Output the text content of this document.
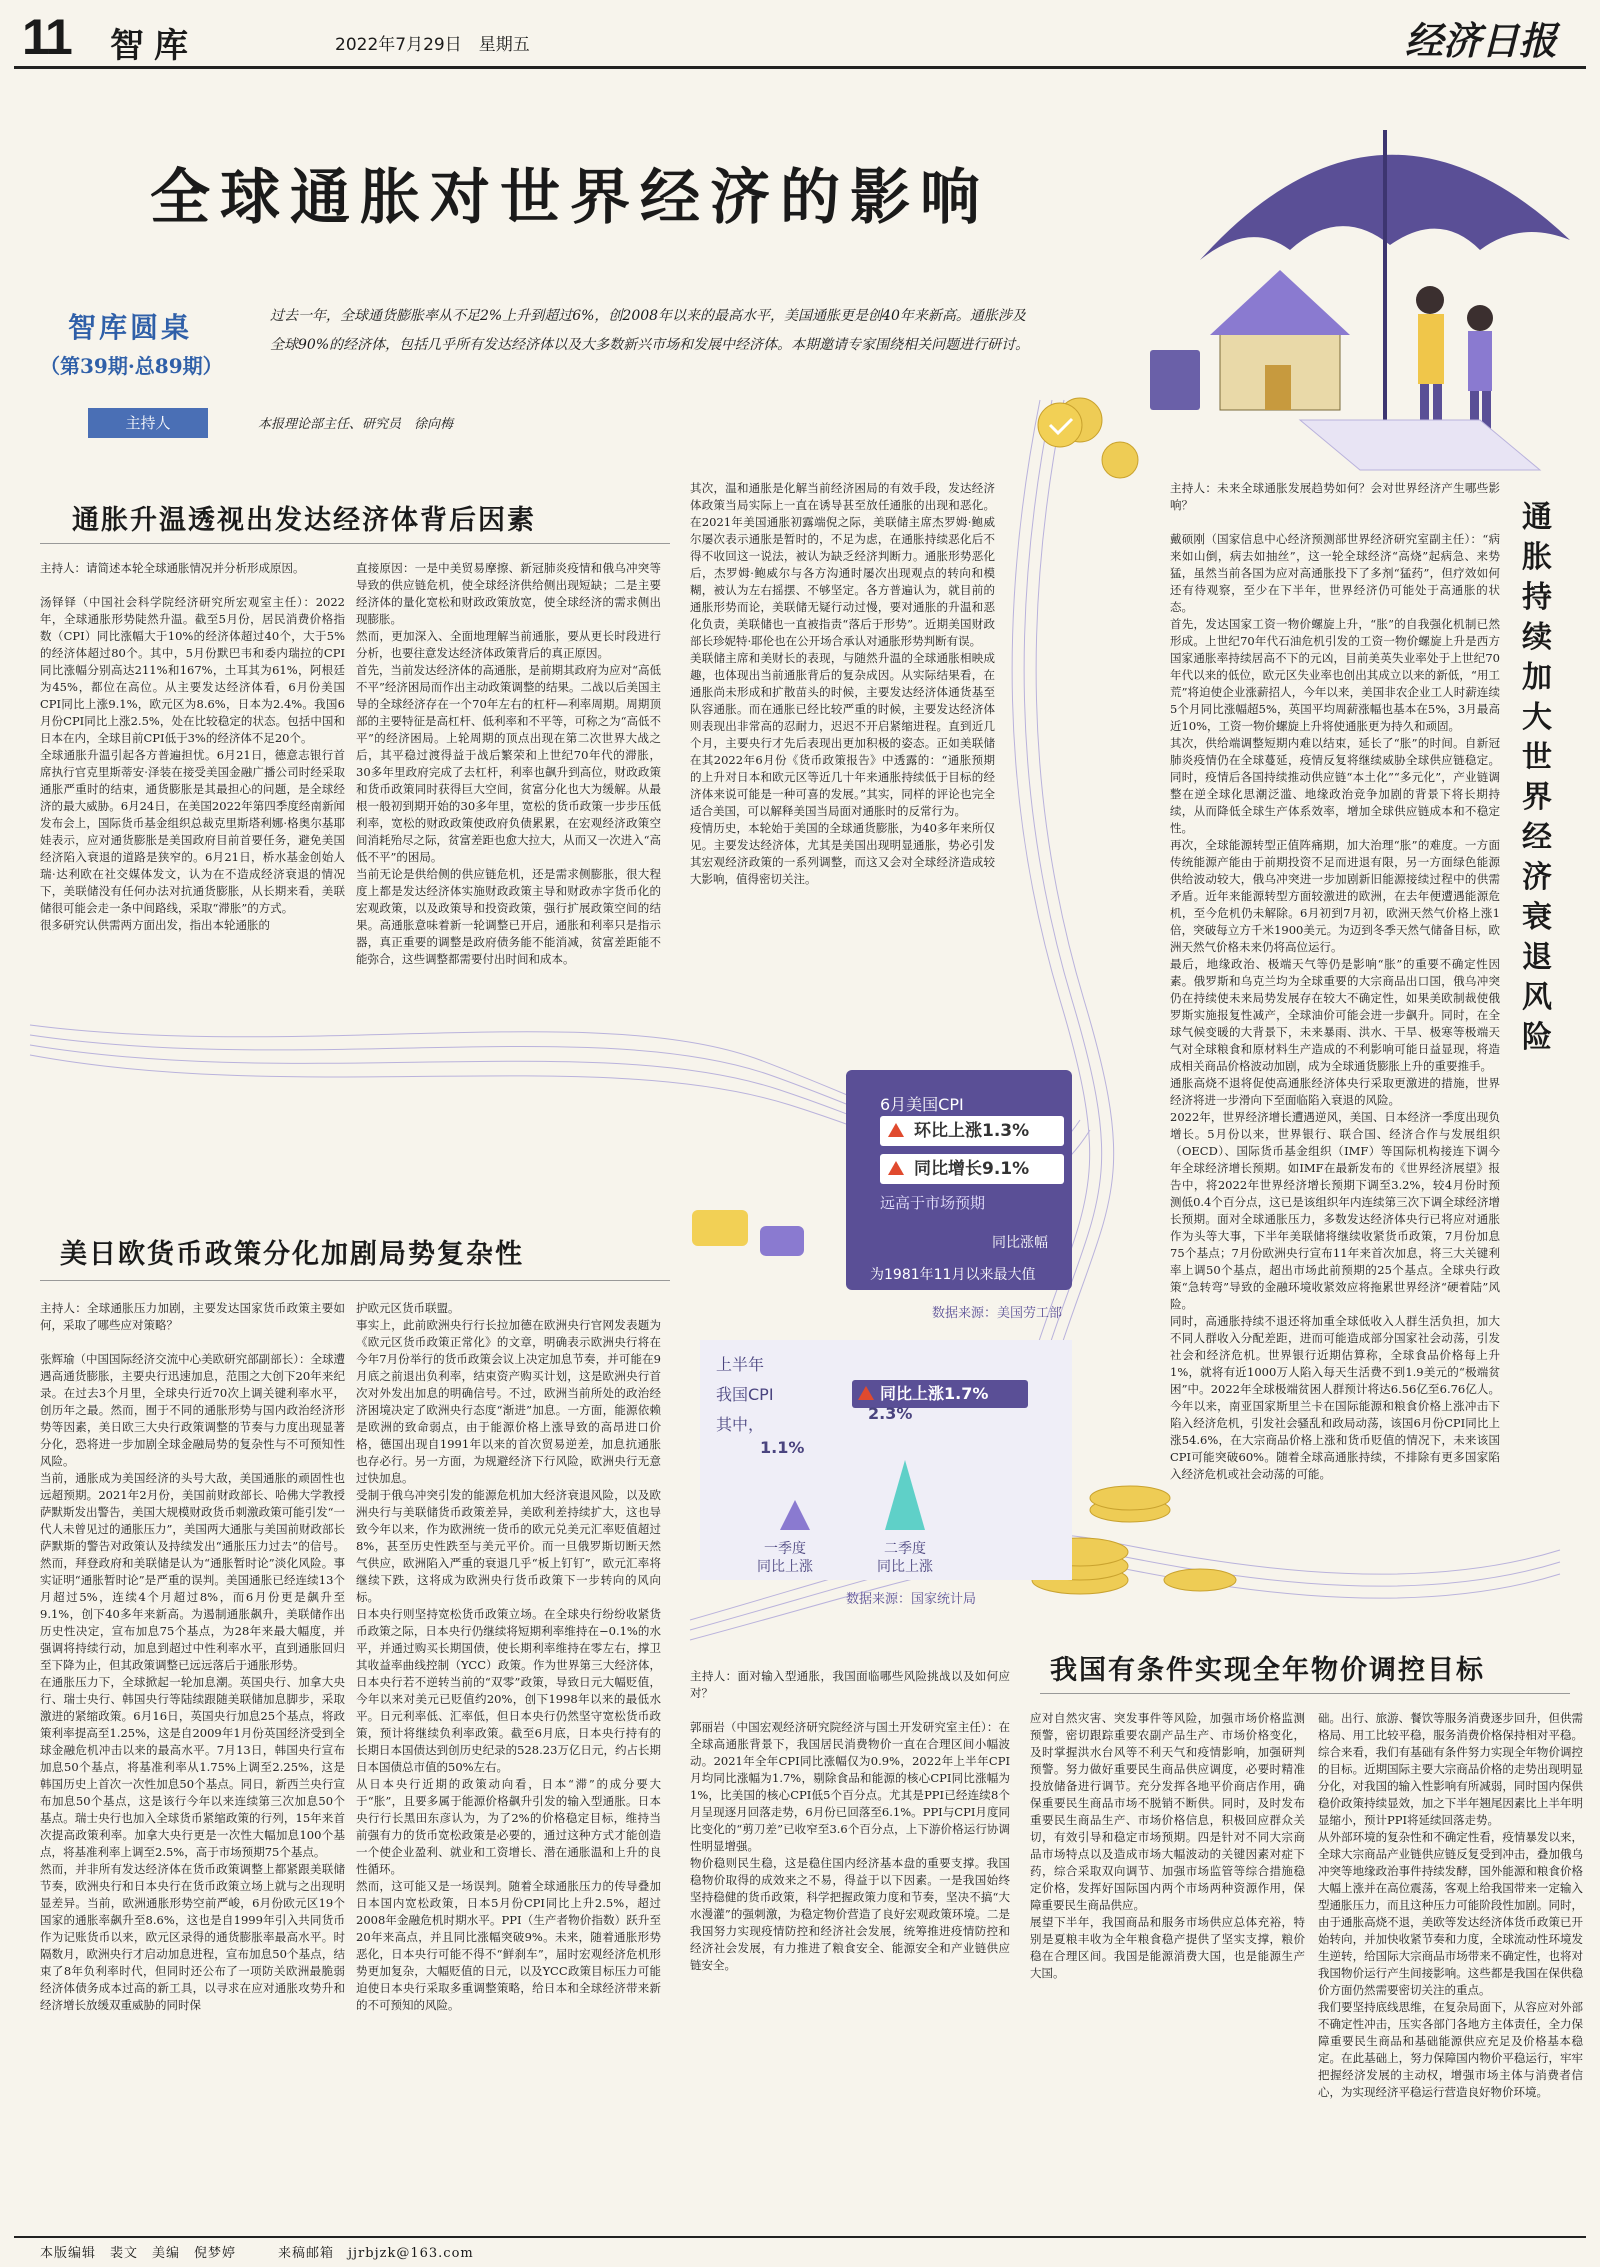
11 智库	2022年7月29日　星期五	经济日报
全球通胀对世界经济的影响
智库圆桌
（第39期·总89期）
过去一年，全球通货膨胀率从不足2%上升到超过6%，创2008年以来的最高水平，美国通胀更是创40年来新高。通胀涉及全球90%的经济体，包括几乎所有发达经济体以及大多数新兴市场和发展中经济体。本期邀请专家围绕相关问题进行研讨。
主持人	本报理论部主任、研究员　徐向梅
通胀升温透视出发达经济体背后因素
主持人：请简述本轮全球通胀情况并分析形成原因。

汤铎铎（中国社会科学院经济研究所宏观室主任）：2022年，全球通胀形势陡然升温。截至5月份，居民消费价格指数（CPI）同比涨幅大于10%的经济体超过40个，大于5%的经济体超过80个。其中，5月份默巴韦和委内瑞拉的CPI同比涨幅分别高达211%和167%，土耳其为61%，阿根廷为45%，都位在高位。从主要发达经济体看，6月份美国CPI同比上涨9.1%，欧元区为8.6%，日本为2.4%。我国6月份CPI同比上涨2.5%，处在比较稳定的状态。包括中国和日本在内，全球目前CPI低于3%的经济体不足20个。
全球通胀升温引起各方普遍担忧。6月21日，德意志银行首席执行官克里斯蒂安·泽装在接受美国金融广播公司时经采取通胀严重时的结束，通货膨胀是其最担心的问题，是全球经济的最大威胁。6月24日，在美国2022年第四季度经南新闻发布会上，国际货币基金组织总裁克里斯塔利娜·格奥尔基耶娃表示，应对通货膨胀是美国政府目前首要任务，避免美国经济陷入衰退的道路是狭窄的。6月21日，桥水基金创始人瑞·达利欧在社交媒体发文，认为在不造成经济衰退的情况下，美联储没有任何办法对抗通货膨胀，从长期来看，美联储很可能会走一条中间路线，采取“滞胀”的方式。
很多研究认供需两方面出发，指出本轮通胀的
直接原因：一是中美贸易摩擦、新冠肺炎疫情和俄乌冲突等导致的供应链危机，使全球经济供给侧出现短缺；二是主要经济体的量化宽松和财政政策放宽，使全球经济的需求侧出现膨胀。
然而，更加深入、全面地理解当前通胀，要从更长时段进行分析，也要往意发达经济体政策背后的真正原因。
首先，当前发达经济体的高通胀，是前期其政府为应对“高低不平”经济困局而作出主动政策调整的结果。二战以后美国主导的全球经济存在一个70年左右的杠杆—利率周期。周期顶部的主要特征是高杠杆、低利率和不平等，可称之为“高低不平”的经济困局。上轮周期的顶点出现在第二次世界大战之后，其平稳过渡得益于战后繁荣和上世纪70年代的滞胀，30多年里政府完成了去杠杆，利率也飙升到高位，财政政策和货币政策同时获得巨大空间，贫富分化也大为缓解。从最根一般初到期开始的30多年里，宽松的货币政策一步步压低利率，宽松的财政政策使政府负债累累，在宏观经济政策空间消耗殆尽之际，贫富差距也愈大拉大，从而又一次进入“高低不平”的困局。
当前无论是供给侧的供应链危机，还是需求侧膨胀，很大程度上都是发达经济体实施财政政策主导和财政赤字货币化的宏观政策，以及政策导和投资政策，强行扩展政策空间的结果。高通胀意味着新一轮调整已开启，通胀和利率只是指示器，真正重要的调整是政府债务能不能消减，贫富差距能不能弥合，这些调整都需要付出时间和成本。
其次，温和通胀是化解当前经济困局的有效手段，发达经济体政策当局实际上一直在诱导甚至放任通胀的出现和恶化。在2021年美国通胀初露端倪之际，美联储主席杰罗姆·鲍威尔屡次表示通胀是暂时的，不足为虑，在通胀持续恶化后不得不收回这一说法，被认为缺乏经济判断力。通胀形势恶化后，杰罗姆·鲍威尔与各方沟通时屡次出现观点的转向和模糊，被认为左右摇摆、不够坚定。各方普遍认为，就目前的通胀形势而论，美联储无疑行动过慢，要对通胀的升温和恶化负责，美联储也一直被指责“落后于形势”。近期美国财政部长珍妮特·耶伦也在公开场合承认对通胀形势判断有误。
美联储主席和美财长的表现，与随然升温的全球通胀相映成趣，也体现出当前通胀背后的复杂成因。从实际结果看，在通胀尚未形成和扩散苗头的时候，主要发达经济体通货基至队容通胀。而在通胀已经比较严重的时候，主要发达经济体则表现出非常高的忍耐力，迟迟不开启紧缩进程。直到近几个月，主要央行才先后表现出更加积极的姿态。正如美联储在其2022年6月份《货币政策报告》中透露的：“通胀预期的上升对日本和欧元区等近几十年来通胀持续低于目标的经济体来说可能是一种可喜的发展。”其实，同样的评论也完全适合美国，可以解释美国当局面对通胀时的反常行为。
疫情历史，本轮始于美国的全球通货膨胀，为40多年来所仅见。主要发达经济体，尤其是美国出现明显通胀，势必引发其宏观经济政策的一系列调整，而这又会对全球经济造成较大影响，值得密切关注。
美日欧货币政策分化加剧局势复杂性
主持人：全球通胀压力加剧，主要发达国家货币政策主要如何，采取了哪些应对策略？

张辉瑜（中国国际经济交流中心美欧研究部副部长）：全球遭遇高通货膨胀，主要央行迅速加息，范围之大创下20年来纪录。在过去3个月里，全球央行近70次上调关键利率水平，创历年之最。然而，囿于不同的通胀形势与国内政治经济形势等因素，美日欧三大央行政策调整的节奏与力度出现显著分化，恐将进一步加剧全球金融局势的复杂性与不可预知性风险。
当前，通胀成为美国经济的头号大敌，美国通胀的顽固性也远超预期。2021年2月份，美国前财政部长、哈佛大学教授萨默斯发出警告，美国大规模财政货币刺激政策可能引发“一代人未曾见过的通胀压力”，美国两大通胀与美国前财政部长萨默斯的警告对政策认及持续发出“通胀压力过去”的信号。然而，拜登政府和美联储是认为“通胀暂时论”淡化风险。事实证明“通胀暂时论”是严重的误判。美国通胀已经连续13个月超过5%，连续4个月超过8%，而6月份更是飙升至9.1%，创下40多年来新高。为遏制通胀飙升，美联储作出历史性决定，宣布加息75个基点，为28年来最大幅度，并强调将持续行动，加息到超过中性利率水平，直到通胀回归至下降为止，但其政策调整已远远落后于通胀形势。
在通胀压力下，全球掀起一轮加息潮。英国央行、加拿大央行、瑞士央行、韩国央行等陆续跟随美联储加息脚步，采取激进的紧缩政策。6月16日，英国央行加息25个基点，将政策利率提高至1.25%，这是自2009年1月份英国经济受到全球金融危机冲击以来的最高水平。7月13日，韩国央行宣布加息50个基点，将基准利率从1.75%上调至2.25%，这是韩国历史上首次一次性加息50个基点。同日，新西兰央行宣布加息50个基点，这是该行今年以来连续第三次加息50个基点。瑞士央行也加入全球货币紧缩政策的行列，15年来首次提高政策利率。加拿大央行更是一次性大幅加息100个基点，将基准利率上调至2.5%，高于市场预期75个基点。
然而，并非所有发达经济体在货币政策调整上都紧跟美联储节奏，欧洲央行和日本央行在货币政策立场上就与之出现明显差异。当前，欧洲通胀形势空前严峻，6月份欧元区19个国家的通胀率飙升至8.6%，这也是自1999年引入共同货币作为记账货币以来，欧元区录得的通货膨胀率最高水平。时隔数月，欧洲央行才启动加息进程，宣布加息50个基点，结束了8年负利率时代，但同时还公布了一项防关欧洲最脆弱经济体债务成本过高的新工具，以寻求在应对通胀攻势升和经济增长放缓双重威胁的同时保
护欧元区货币联盟。
事实上，此前欧洲央行行长拉加德在欧洲央行官网发表题为《欧元区货币政策正常化》的文章，明确表示欧洲央行将在今年7月份举行的货币政策会议上决定加息节奏，并可能在9月底之前退出负利率，结束资产购买计划，这是欧洲央行首次对外发出加息的明确信号。不过，欧洲当前所处的政治经济困境决定了欧洲央行态度“渐进”加息。一方面，能源依赖是欧洲的致命弱点，由于能源价格上涨导致的高昂进口价格，德国出现自1991年以来的首次贸易逆差，加息抗通胀也存必行。另一方面，为规避经济下行风险，欧洲央行无意过快加息。
受制于俄乌冲突引发的能源危机加大经济衰退风险，以及欧洲央行与美联储货币政策差异，美欧利差持续扩大，这也导致今年以来，作为欧洲统一货币的欧元兑美元汇率贬值超过8%，甚至历史性跌至与美元平价。而一旦俄罗斯切断天然气供应，欧洲陷入严重的衰退几乎“板上钉钉”，欧元汇率将继续下跌，这将成为欧洲央行货币政策下一步转向的风向标。
日本央行则坚持宽松货币政策立场。在全球央行纷纷收紧货币政策之际，日本央行仍继续将短期利率维持在−0.1%的水平，并通过购买长期国债，使长期利率维持在零左右，撑卫其收益率曲线控制（YCC）政策。作为世界第三大经济体，日本央行若不逆转当前的“双零”政策，导致日元大幅贬值，今年以来对美元已贬值约20%，创下1998年以来的最低水平。日元利率低、汇率低，但日本央行仍然坚守宽松货币政策，预计将继续负利率政策。截至6月底，日本央行持有的长期日本国债达到创历史纪录的528.23万亿日元，约占长期日本国债总市值的50%左右。
从日本央行近期的政策动向看，日本“滞”的成分要大于“胀”，且要多属于能源价格飙升引发的输入型通胀。日本央行行长黑田东彦认为，为了2%的价格稳定目标，维持当前强有力的货币宽松政策是必要的，通过这种方式才能创造一个使企业盈利、就业和工资增长、潜在通胀温和上升的良性循环。
然而，这可能又是一场误判。随着全球通胀压力的传导叠加日本国内宽松政策，日本5月份CPI同比上升2.5%，超过2008年金融危机时期水平。PPI（生产者物价指数）跃升至20年来高点，并且同比涨幅突破9%。未来，随着通胀形势恶化，日本央行可能不得不“鲜刹车”，届时宏观经济危机形势更加复杂，大幅贬值的日元，以及YCC政策目标压力可能迫使日本央行采取多重调整策略，给日本和全球经济带来新的不可预知的风险。
通胀持续加大世界经济衰退风险
主持人：未来全球通胀发展趋势如何？会对世界经济产生哪些影响？

戴硕刚（国家信息中心经济预测部世界经济研究室副主任）：“病来如山倒，病去如抽丝”，这一轮全球经济“高烧”起病急、来势猛，虽然当前各国为应对高通胀投下了多剂“猛药”，但疗效如何还有待观察，至少在下半年，世界经济仍可能处于高通胀的状态。
首先，发达国家工资一物价螺旋上升，“胀”的自我强化机制已然形成。上世纪70年代石油危机引发的工资一物价螺旋上升是西方国家通胀率持续居高不下的元凶，目前美英失业率处于上世纪70年代以来的低位，欧元区失业率也创出其成立以来的新低，“用工荒”将迫使企业涨薪招人，今年以来，美国非农企业工人时薪连续5个月同比涨幅超5%，英国平均周薪涨幅也基本在5%，3月最高近10%，工资一物价螺旋上升将使通胀更为持久和顽固。
其次，供给端调整短期内难以结束，延长了“胀”的时间。自新冠肺炎疫情仍在全球蔓延，疫情反复将继续威胁全球供应链稳定。同时，疫情后各国持续推动供应链“本土化”“多元化”，产业链调整在逆全球化思潮泛滥、地缘政治竞争加剧的背景下将长期持续，从而降低全球生产体系效率，增加全球供应链成本和不稳定性。
再次，全球能源转型正值阵痛期，加大治理“胀”的难度。一方面传统能源产能由于前期投资不足而进退有限，另一方面绿色能源供给波动较大，俄乌冲突进一步加剧新旧能源接续过程中的供需矛盾。近年来能源转型方面较激进的欧洲，在去年便遭遇能源危机，至今危机仍未解除。6月初到7月初，欧洲天然气价格上涨1倍，突破每立方千米1900美元。为迈到冬季天然气储备目标，欧洲天然气价格未来仍将高位运行。
最后，地缘政治、极端天气等仍是影响“胀”的重要不确定性因素。俄罗斯和乌克兰均为全球重要的大宗商品出口国，俄乌冲突仍在持续使未来局势发展存在较大不确定性，如果美欧制裁使俄罗斯实施报复性减产，全球油价可能会进一步飙升。同时，在全球气候变暖的大背景下，未来暴雨、洪水、干旱、极寒等极端天气对全球粮食和原材料生产造成的不利影响可能日益显现，将造成相关商品价格波动加剧，成为全球通货膨胀上升的重要推手。
通胀高烧不退将促使高通胀经济体央行采取更激进的措施，世界经济将进一步滑向下至面临陷入衰退的风险。
2022年，世界经济增长遭遇逆风，美国、日本经济一季度出现负增长。5月份以来，世界银行、联合国、经济合作与发展组织（OECD）、国际货币基金组织（IMF）等国际机构接连下调今年全球经济增长预期。如IMF在最新发布的《世界经济展望》报告中，将2022年世界经济增长预期下调至3.2%，较4月份时预测低0.4个百分点，这已是该组织年内连续第三次下调全球经济增长预期。面对全球通胀压力，多数发达经济体央行已将应对通胀作为头等大事，下半年美联储将继续收紧货币政策，7月份加息75个基点；7月份欧洲央行宣布11年来首次加息，将三大关键利率上调50个基点，超出市场此前预期的25个基点。全球央行政策“急转弯”导致的金融环境收紧效应将拖累世界经济“硬着陆”风险。
同时，高通胀持续不退还将加重全球低收入人群生活负担，加大不同人群收入分配差距，进而可能造成部分国家社会动荡，引发社会和经济危机。世界银行近期估算称，全球食品价格每上升1%，就将有近1000万人陷入每天生活费不到1.9美元的“极端贫困”中。2022年全球极端贫困人群预计将达6.56亿至6.76亿人。今年以来，南亚国家斯里兰卡在国际能源和粮食价格上涨冲击下陷入经济危机，引发社会骚乱和政局动荡，该国6月份CPI同比上涨54.6%，在大宗商品价格上涨和货币贬值的情况下，未来该国CPI可能突破60%。随着全球高通胀持续，不排除有更多国家陷入经济危机或社会动荡的可能。
6月美国CPI
环比上涨1.3%
同比增长9.1%
远高于市场预期
同比涨幅
为1981年11月以来最大值
数据来源：美国劳工部
上半年
我国CPI
其中，
同比上涨1.7%
1.1%
2.3%
一季度
同比上涨
二季度
同比上涨
数据来源：国家统计局
我国有条件实现全年物价调控目标
主持人：面对输入型通胀，我国面临哪些风险挑战以及如何应对？

郭丽岩（中国宏观经济研究院经济与国土开发研究室主任）：在全球高通胀背景下，我国居民消费物价一直在合理区间小幅波动。2021年全年CPI同比涨幅仅为0.9%，2022年上半年CPI月均同比涨幅为1.7%，剔除食品和能源的核心CPI同比涨幅为1%，比美国的核心CPI低5个百分点。尤其是PPI已经连续8个月呈现逐月回落走势，6月份已回落至6.1%。PPI与CPI月度同比变化的“剪刀差”已收窄至3.6个百分点，上下游价格运行协调性明显增强。
物价稳则民生稳，这是稳住国内经济基本盘的重要支撑。我国稳物价取得的成效来之不易，得益于以下因素。一是我国始终坚持稳健的货币政策，科学把握政策力度和节奏，坚决不搞“大水漫灌”的强刺激，为稳定物价营造了良好宏观政策环境。二是我国努力实现疫情防控和经济社会发展，统筹推进疫情防控和经济社会发展，有力推进了粮食安全、能源安全和产业链供应链安全。
应对自然灾害、突发事件等风险，加强市场价格监测预警，密切跟踪重要农副产品生产、市场价格变化，及时掌握洪水台风等不利天气和疫情影响，加强研判预警。努力做好重要民生商品供应调度，必要时精准投放储备进行调节。充分发挥各地平价商店作用，确保重要民生商品市场不脱销不断供。同时，及时发布重要民生商品生产、市场价格信息，积极回应群众关切，有效引导和稳定市场预期。四是针对不同大宗商品市场特点以及造成市场大幅波动的关键因素对症下药，综合采取双向调节、加强市场监管等综合措施稳定价格，发挥好国际国内两个市场两种资源作用，保障重要民生商品供应。
展望下半年，我国商品和服务市场供应总体充裕，特别是夏粮丰收为全年粮食稳产提供了坚实支撑，粮价稳在合理区间。我国是能源消费大国，也是能源生产大国。
础。出行、旅游、餐饮等服务消费逐步回升，但供需格局、用工比较平稳，服务消费价格保持相对平稳。综合来看，我们有基础有条件努力实现全年物价调控的目标。近期国际主要大宗商品价格的走势出现明显分化，对我国的输入性影响有所减弱，同时国内保供稳价政策持续显效，加之下半年翘尾因素比上半年明显缩小，预计PPI将延续回落走势。
从外部环境的复杂性和不确定性看，疫情暴发以来，全球大宗商品产业链供应链反复受到冲击，叠加俄乌冲突等地缘政治事件持续发酵，国外能源和粮食价格大幅上涨并在高位震荡，客观上给我国带来一定输入型通胀压力，而且这种压力可能阶段性加剧。同时，由于通胀高烧不退，美欧等发达经济体货币政策已开始转向，并加快收紧节奏和力度，全球流动性环境发生逆转，给国际大宗商品市场带来不确定性，也将对我国物价运行产生间接影响。这些都是我国在保供稳价方面仍然需要密切关注的重点。
我们要坚持底线思维，在复杂局面下，从容应对外部不确定性冲击，压实各部门各地方主体责任，全力保障重要民生商品和基础能源供应充足及价格基本稳定。在此基础上，努力保障国内物价平稳运行，牢牢把握经济发展的主动权，增强市场主体与消费者信心，为实现经济平稳运行营造良好物价环境。
本版编辑　裴文　美编　倪梦婷　　　来稿邮箱　jjrbjzk@163.com
